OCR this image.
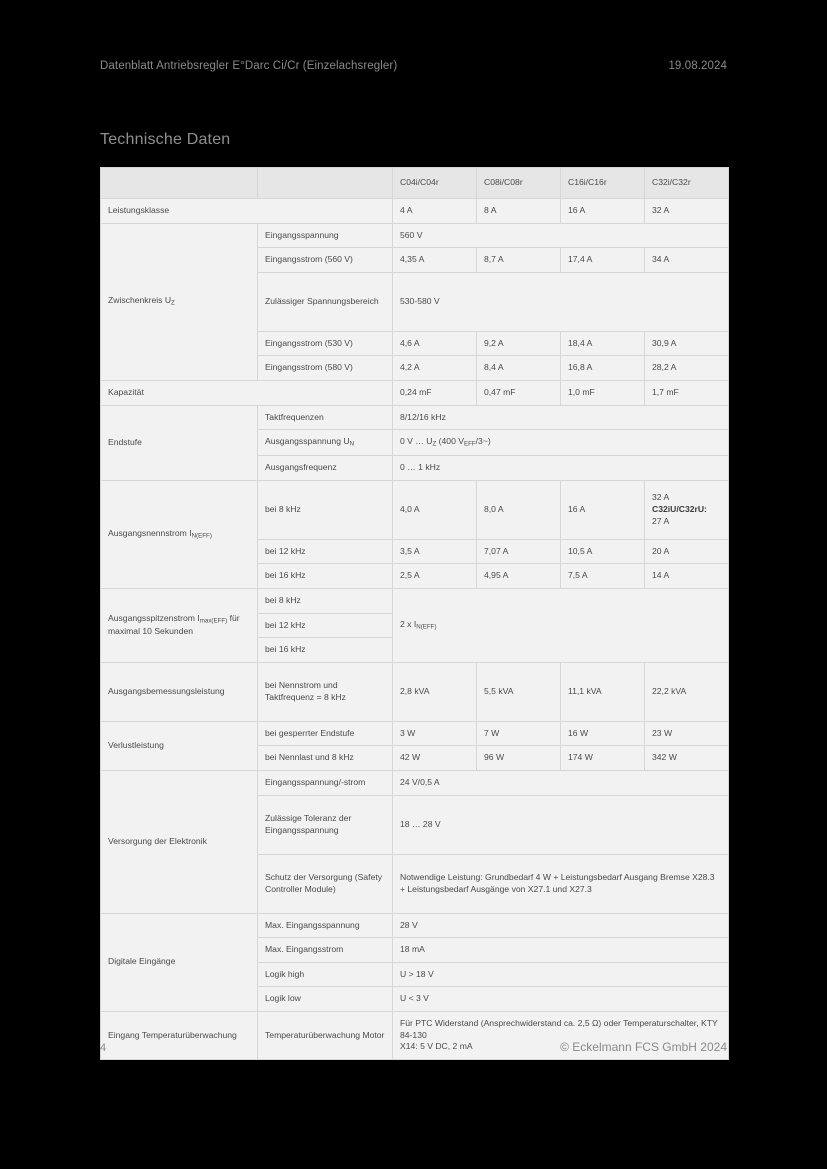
Datenblatt Antriebsregler E°Darc Ci/Cr (Einzelachsregler)	19.08.2024
Technische Daten
		C04i/C04r	C08i/C08r	C16i/C16r	C32i/C32r
Leistungsklasse		4 A	8 A	16 A	32 A
Zwischenkreis $U_Z$	Eingangsspannung	560 V			
	Eingangsstrom (560 V)	4,35 A	8,7 A	17,4 A	34 A
	Zulässiger Spannungsbereich	530-580 V			
	Eingangsstrom (530 V)	4,6 A	9,2 A	18,4 A	30,9 A
	Eingangsstrom (580 V)	4,2 A	8,4 A	16,8 A	28,2 A
Kapazität		0,24 mF	0,47 mF	1,0 mF	1,7 mF
Endstufe	Taktfrequenzen	8/12/16 kHz			
	Ausgangsspannung $U_N$	0 V … $U_Z$ (400 $V_{EFF}/3\sim$)			
	Ausgangsfrequenz	0 … 1 kHz			
Ausgangsnennstrom $I_{N(EFF)}$	bei 8 kHz	4,0 A	8,0 A	16 A	32 A
C32iU/C32rU:
27 A
	bei 12 kHz	3,5 A	7,07 A	10,5 A	20 A
	bei 16 kHz	2,5 A	4,95 A	7,5 A	14 A
Ausgangsspitzenstrom $I_{max(EFF)}$ für maximal 10 Sekunden	bei 8 kHz	2 x $I_{N(EFF)}$
	bei 12 kHz				
	bei 16 kHz				
Ausgangsbemessungsleistung	bei Nennstrom und Taktfrequenz = 8 kHz	2,8 kVA	5,5 kVA	11,1 kVA	22,2 kVA
Verlustleistung	bei gesperrter Endstufe	3 W	7 W	16 W	23 W
	bei Nennlast und 8 kHz	42 W	96 W	174 W	342 W
Versorgung der Elektronik	Eingangsspannung/-strom	24 V/0,5 A			
	Zulässige Toleranz der Eingangsspannung	18 … 28 V			
	Schutz der Versorgung (Safety Controller Module)	Notwendige Leistung: Grundbedarf 4 W + Leistungsbedarf Ausgang Bremse X28.3 + Leistungsbedarf Ausgänge von X27.1 und X27.3			
Digitale Eingänge	Max. Eingangsspannung	28 V			
	Max. Eingangsstrom	18 mA			
	Logik high	U > 18 V			
	Logik low	U < 3 V			
Eingang Temperaturüberwachung	Temperaturüberwachung Motor	Für PTC Widerstand (Ansprechwiderstand ca. 2,5 Ω) oder Temperaturschalter, KTY 84-130
X14: 5 V DC, 2 mA			
4	© Eckelmann FCS GmbH 2024
